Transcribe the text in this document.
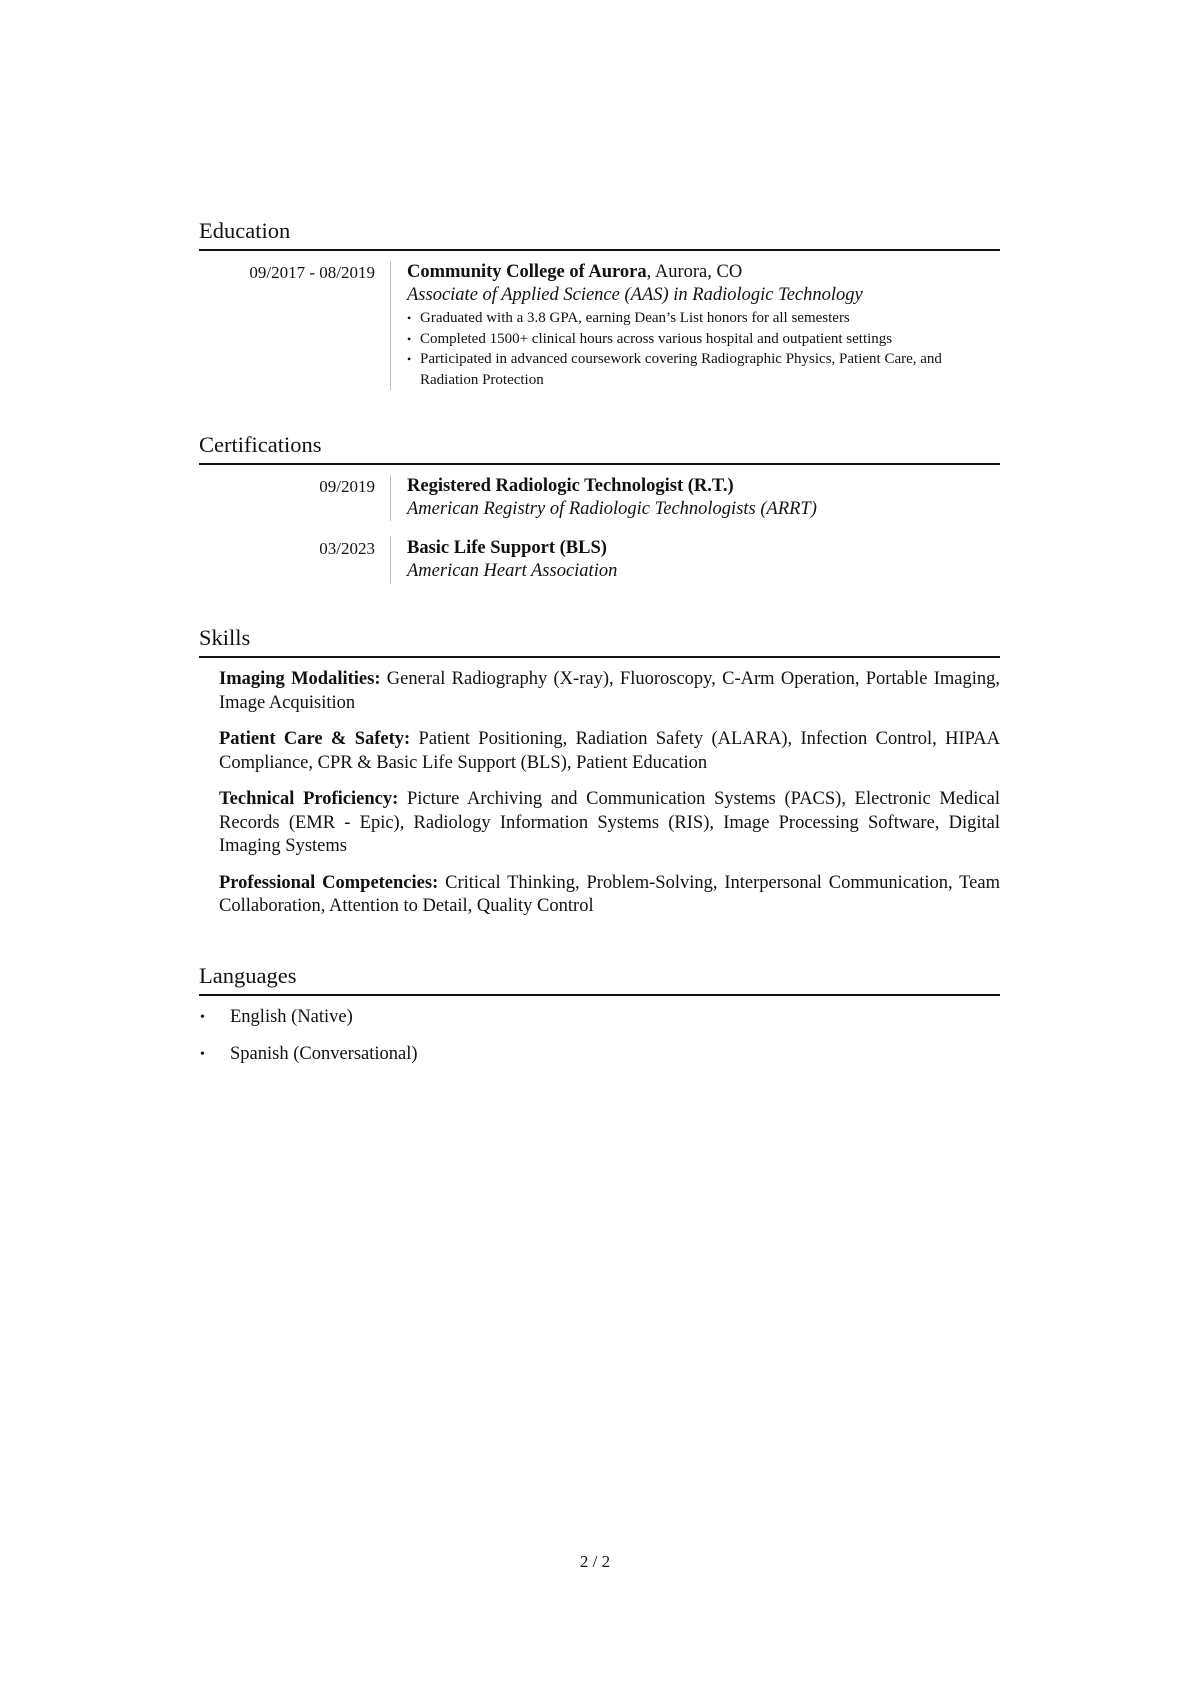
Education
09/2017 - 08/2019	Community College of Aurora, Aurora, CO
Associate of Applied Science (AAS) in Radiologic Technology
• Graduated with a 3.8 GPA, earning Dean’s List honors for all semesters
• Completed 1500+ clinical hours across various hospital and outpatient settings
• Participated in advanced coursework covering Radiographic Physics, Patient Care, and Radiation Protection
Certifications
09/2019	Registered Radiologic Technologist (R.T.)
American Registry of Radiologic Technologists (ARRT)
03/2023	Basic Life Support (BLS)
American Heart Association
Skills

Imaging Modalities: General Radiography (X-ray), Fluoroscopy, C-Arm Operation, Portable Imaging, Image Acquisition

Patient Care & Safety: Patient Positioning, Radiation Safety (ALARA), Infection Control, HIPAA Compliance, CPR & Basic Life Support (BLS), Patient Education

Technical Proficiency: Picture Archiving and Communication Systems (PACS), Electronic Medical Records (EMR - Epic), Radiology Information Systems (RIS), Image Processing Software, Digital Imaging Systems

Professional Competencies: Critical Thinking, Problem-Solving, Interpersonal Communication, Team Collaboration, Attention to Detail, Quality Control

Languages
• English (Native)
• Spanish (Conversational)
2 / 2
